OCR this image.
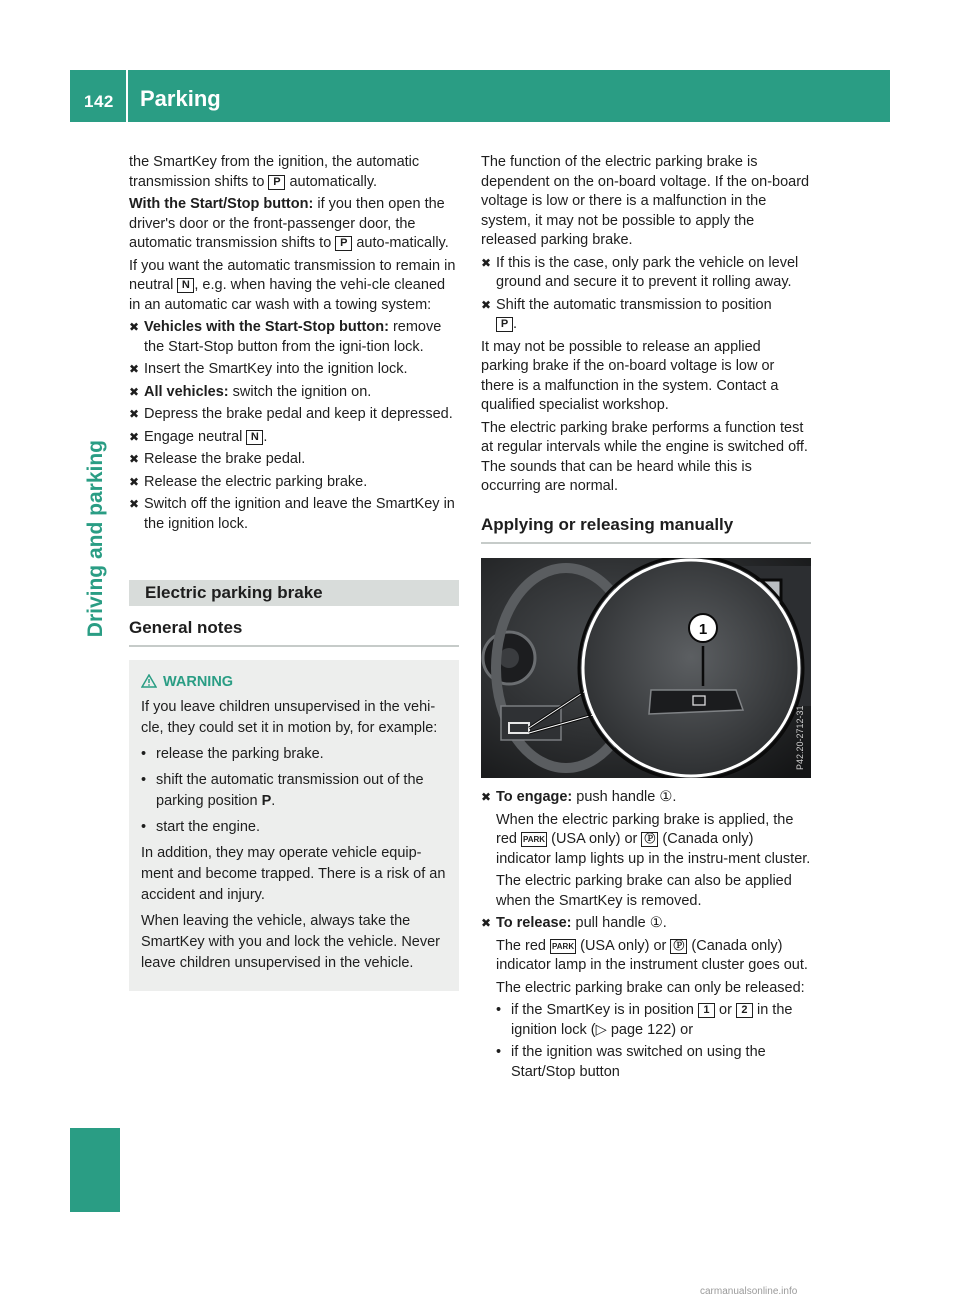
142	Parking
Driving and parking

the SmartKey from the ignition, the automatic transmission shifts to P automatically.

With the Start/Stop button: if you then open the driver's door or the front-passenger door, the automatic transmission shifts to P auto-matically.

If you want the automatic transmission to remain in neutral N , e.g. when having the vehi-cle cleaned in an automatic car wash with a towing system:

✖ Vehicles with the Start-Stop button: remove the Start-Stop button from the igni-tion lock.
✖ Insert the SmartKey into the ignition lock.
✖ All vehicles: switch the ignition on.
✖ Depress the brake pedal and keep it depressed.
✖ Engage neutral N .
✖ Release the brake pedal.
✖ Release the electric parking brake.
✖ Switch off the ignition and leave the SmartKey in the ignition lock.
Electric parking brake
General notes
WARNING

If you leave children unsupervised in the vehi-cle, they could set it in motion by, for example:

• release the parking brake.
• shift the automatic transmission out of the parking position P.
• start the engine.

In addition, they may operate vehicle equip-ment and become trapped. There is a risk of an accident and injury.

When leaving the vehicle, always take the SmartKey with you and lock the vehicle. Never leave children unsupervised in the vehicle.

The function of the electric parking brake is dependent on the on-board voltage. If the on-board voltage is low or there is a malfunction in the system, it may not be possible to apply the released parking brake.

✖ If this is the case, only park the vehicle on level ground and secure it to prevent it rolling away.
✖ Shift the automatic transmission to position
P .

It may not be possible to release an applied parking brake if the on-board voltage is low or there is a malfunction in the system. Contact a qualified specialist workshop.

The electric parking brake performs a function test at regular intervals while the engine is switched off. The sounds that can be heard while this is occurring are normal.

Applying or releasing manually
1
P42.20-2712-31
✖ To engage: push handle ①.
When the electric parking brake is applied, the red PARK (USA only) or Ⓟ (Canada only) indicator lamp lights up in the instru-ment cluster.
The electric parking brake can also be applied when the SmartKey is removed.
✖ To release: pull handle ①.
The red PARK (USA only) or Ⓟ (Canada only) indicator lamp in the instrument cluster goes out.
The electric parking brake can only be released:
• if the SmartKey is in position 1 or 2 in the ignition lock (▷ page 122) or
• if the ignition was switched on using the Start/Stop button
carmanualsonline.info
